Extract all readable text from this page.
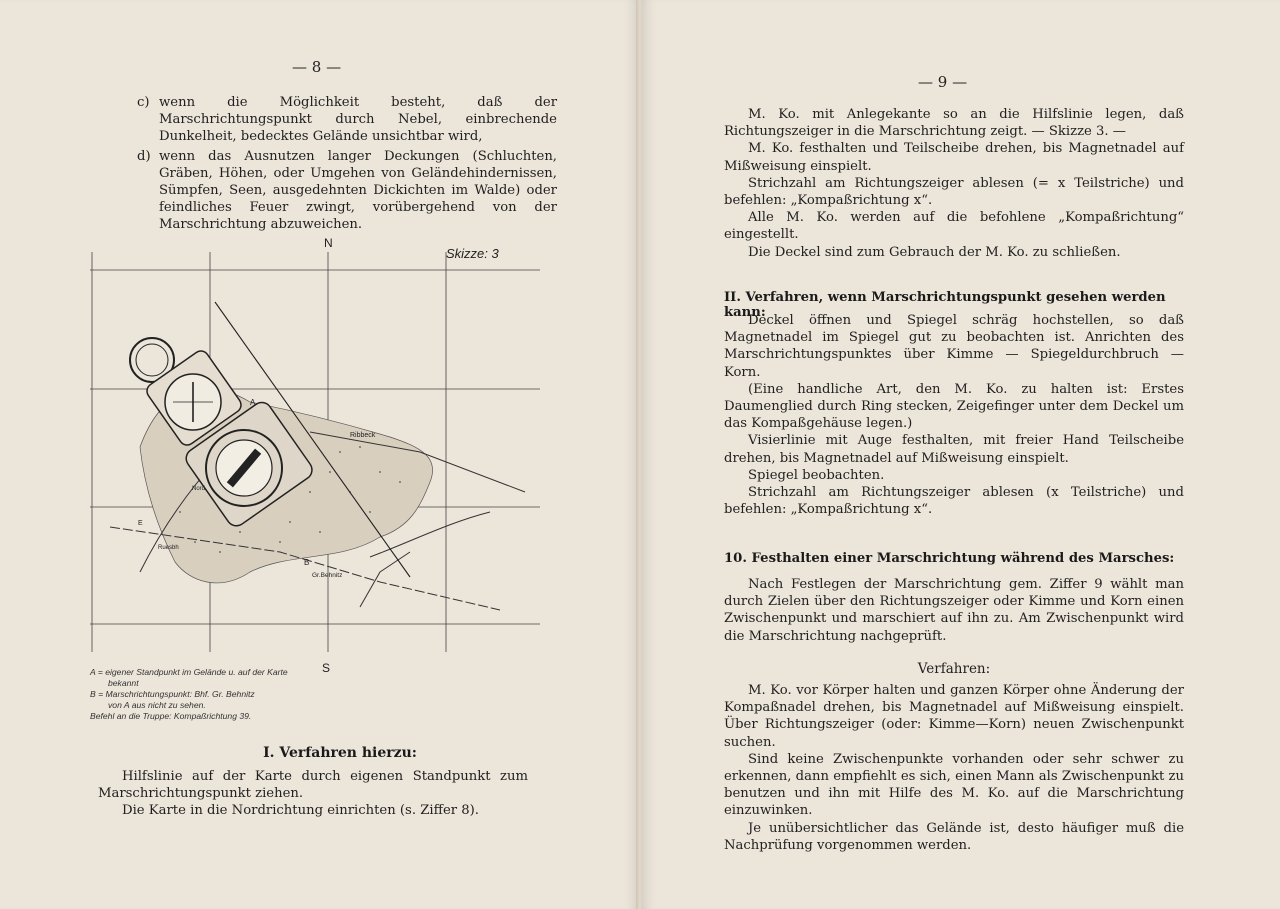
— 8 —
c) wenn die Möglichkeit besteht, daß der Marschrichtungspunkt durch Nebel, einbrechende Dunkelheit, bedecktes Gelände unsichtbar wird,
d) wenn das Ausnutzen langer Deckungen (Schluchten, Gräben, Höhen, oder Umgehen von Geländehindernissen, Sümpfen, Seen, ausgedehnten Dickichten im Walde) oder feindliches Feuer zwingt, vorübergehend von der Marschrichtung abzuweichen.
N
S
Skizze: 3
A
B
Ribbeck
Gr.Behnitz
Ruesbh
Nord
E
A = eigener Standpunkt im Gelände u. auf der Karte
bekannt
B = Marschrichtungspunkt: Bhf. Gr. Behnitz
von A aus nicht zu sehen.
Befehl an die Truppe: Kompaßrichtung 39.
I. Verfahren hierzu:

Hilfslinie auf der Karte durch eigenen Standpunkt zum Marschrichtungspunkt ziehen.

Die Karte in die Nordrichtung einrichten (s. Ziffer 8).

— 9 —

M. Ko. mit Anlegekante so an die Hilfslinie legen, daß Richtungszeiger in die Marschrichtung zeigt. — Skizze 3. —

M. Ko. festhalten und Teilscheibe drehen, bis Magnetnadel auf Mißweisung einspielt.

Strichzahl am Richtungszeiger ablesen (= x Teilstriche) und befehlen: „Kompaßrichtung x“.

Alle M. Ko. werden auf die befohlene „Kompaßrichtung“ eingestellt.

Die Deckel sind zum Gebrauch der M. Ko. zu schließen.

II. Verfahren, wenn Marschrichtungspunkt gesehen werden kann:

Deckel öffnen und Spiegel schräg hochstellen, so daß Magnetnadel im Spiegel gut zu beobachten ist. Anrichten des Marschrichtungspunktes über Kimme — Spiegeldurchbruch — Korn.

(Eine handliche Art, den M. Ko. zu halten ist: Erstes Daumenglied durch Ring stecken, Zeigefinger unter dem Deckel um das Kompaßgehäuse legen.)

Visierlinie mit Auge festhalten, mit freier Hand Teilscheibe drehen, bis Magnetnadel auf Mißweisung einspielt.

Spiegel beobachten.

Strichzahl am Richtungszeiger ablesen (x Teilstriche) und befehlen: „Kompaßrichtung x“.

10. Festhalten einer Marschrichtung während des Marsches:

Nach Festlegen der Marschrichtung gem. Ziffer 9 wählt man durch Zielen über den Richtungszeiger oder Kimme und Korn einen Zwischenpunkt und marschiert auf ihn zu. Am Zwischenpunkt wird die Marschrichtung nachgeprüft.

Verfahren:

M. Ko. vor Körper halten und ganzen Körper ohne Änderung der Kompaßnadel drehen, bis Magnetnadel auf Mißweisung einspielt. Über Richtungszeiger (oder: Kimme—Korn) neuen Zwischenpunkt suchen.

Sind keine Zwischenpunkte vorhanden oder sehr schwer zu erkennen, dann empfiehlt es sich, einen Mann als Zwischenpunkt zu benutzen und ihn mit Hilfe des M. Ko. auf die Marschrichtung einzuwinken.

Je unübersichtlicher das Gelände ist, desto häufiger muß die Nachprüfung vorgenommen werden.
